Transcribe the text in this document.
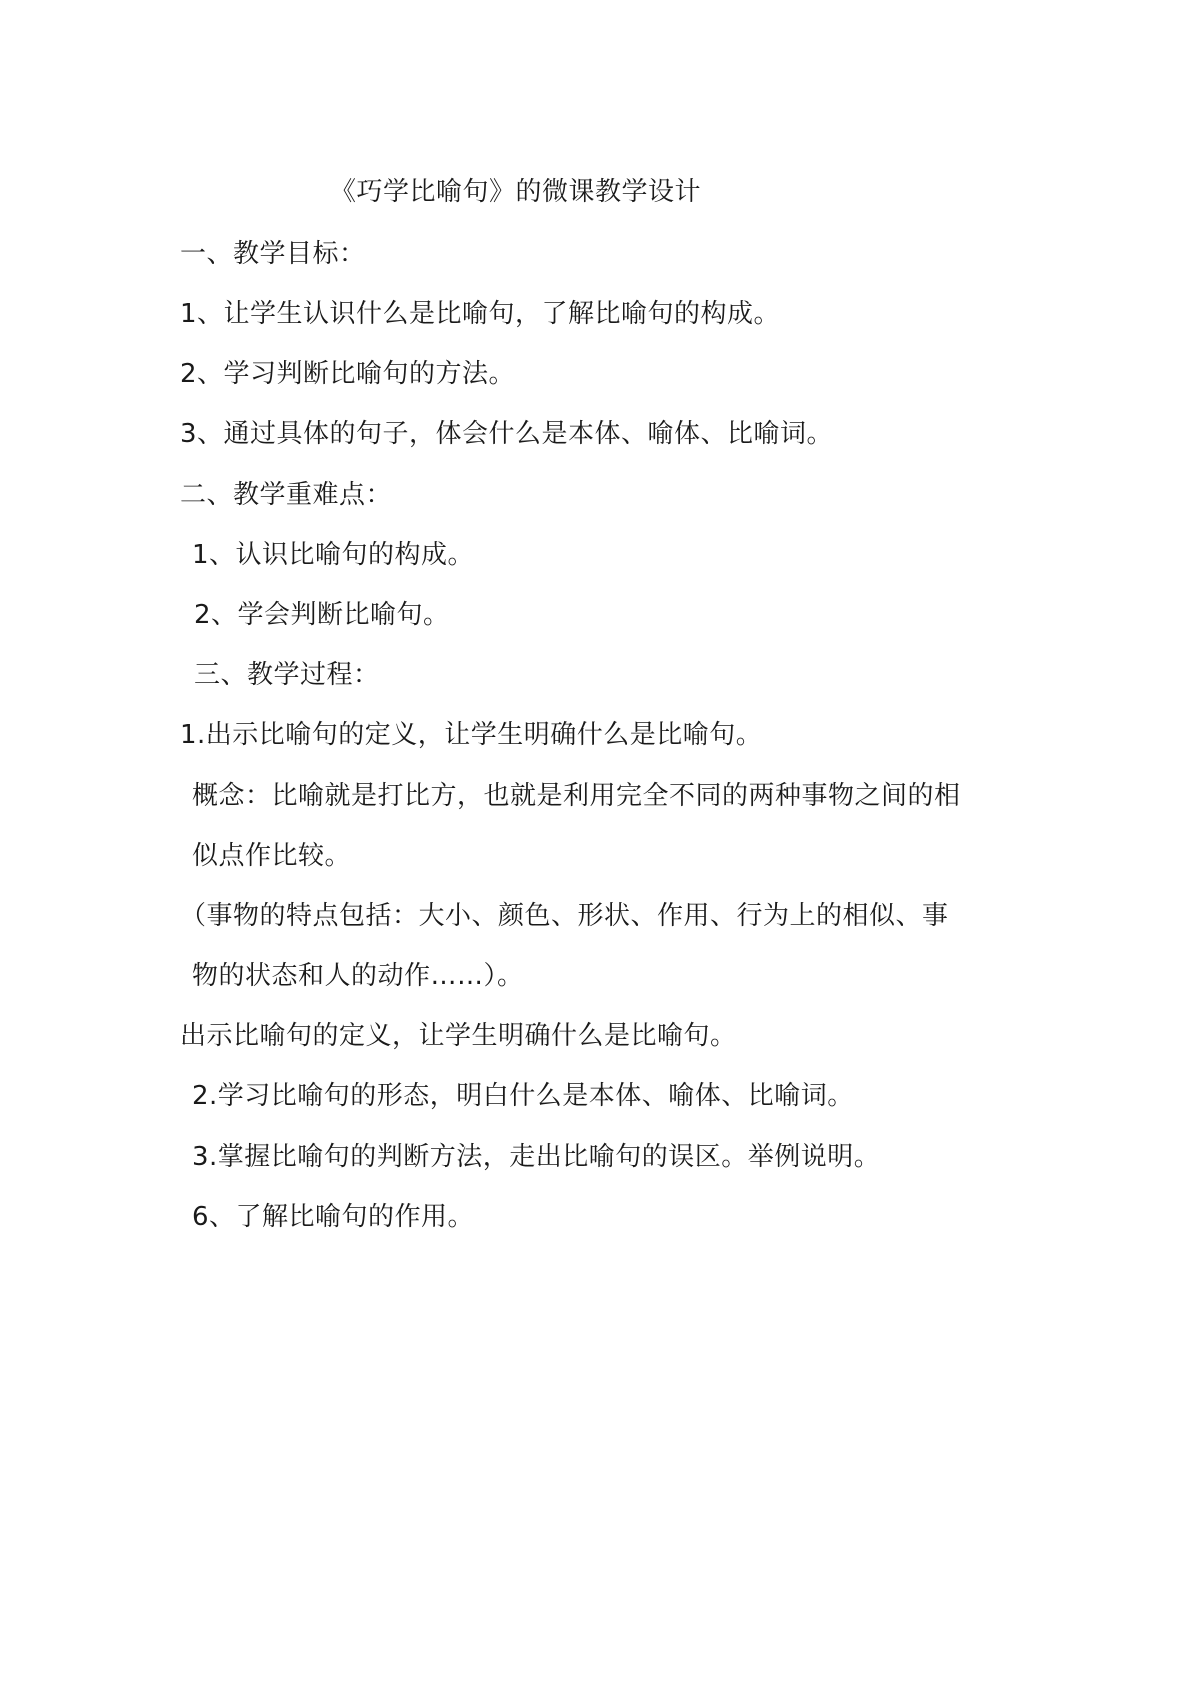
《巧学比喻句》的微课教学设计

一、教学目标：

1、让学生认识什么是比喻句，了解比喻句的构成。

2、学习判断比喻句的方法。

3、通过具体的句子，体会什么是本体、喻体、比喻词。

二、教学重难点：

1、认识比喻句的构成。

2、学会判断比喻句。

三、教学过程：

1.出示比喻句的定义，让学生明确什么是比喻句。

概念：比喻就是打比方，也就是利用完全不同的两种事物之间的相

似点作比较。

（事物的特点包括：大小、颜色、形状、作用、行为上的相似、事

物的状态和人的动作……）。

出示比喻句的定义，让学生明确什么是比喻句。

2.学习比喻句的形态，明白什么是本体、喻体、比喻词。

3.掌握比喻句的判断方法，走出比喻句的误区。举例说明。

6、了解比喻句的作用。
